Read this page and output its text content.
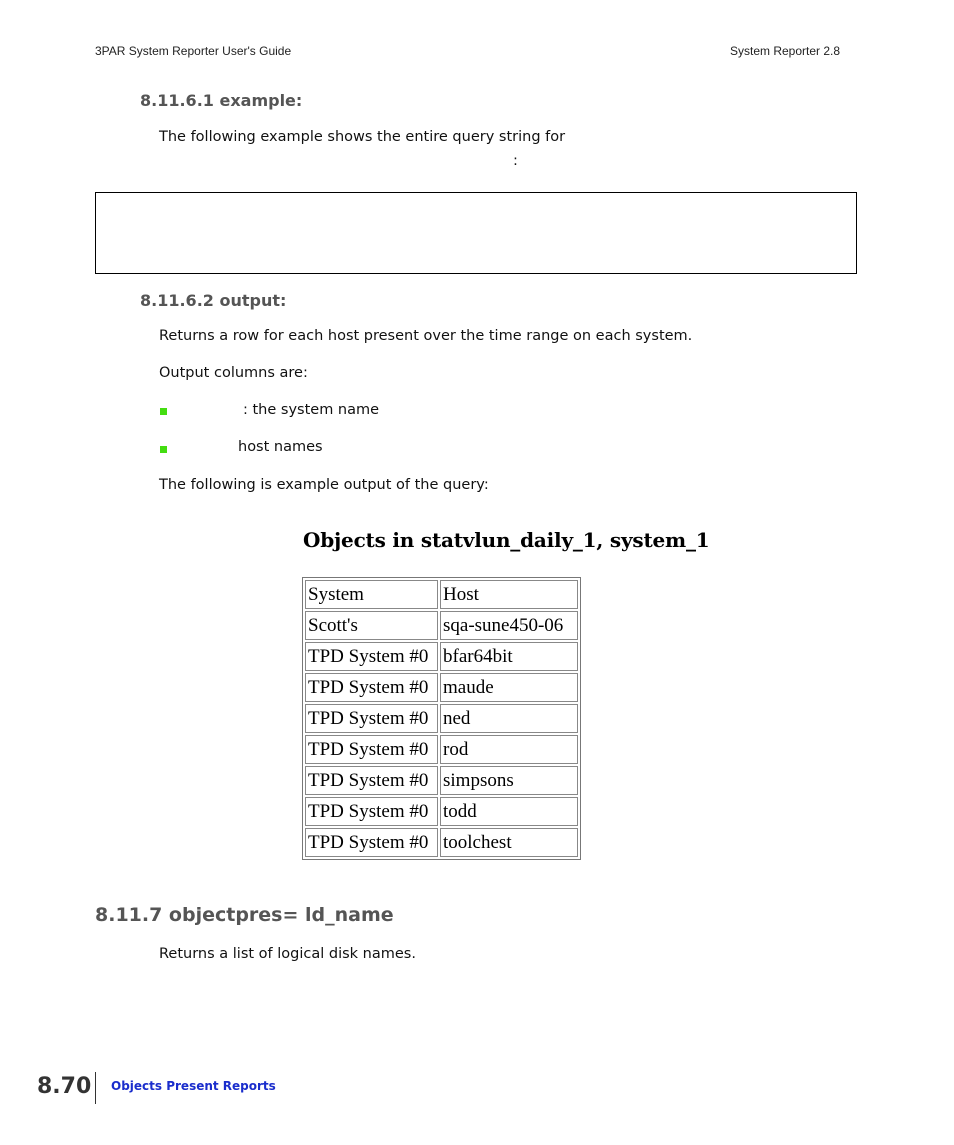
3PAR System Reporter User's Guide	System Reporter 2.8
8.11.6.1 example:
The following example shows the entire query string for
:
8.11.6.2 output:
Returns a row for each host present over the time range on each system.
Output columns are:
: the system name
host names
The following is example output of the query:
Objects in statvlun_daily_1, system_1
System	Host
Scott's	sqa-sune450-06
TPD System #0	bfar64bit
TPD System #0	maude
TPD System #0	ned
TPD System #0	rod
TPD System #0	simpsons
TPD System #0	todd
TPD System #0	toolchest
8.11.7 objectpres= ld_name
Returns a list of logical disk names.
8.70 Objects Present Reports
